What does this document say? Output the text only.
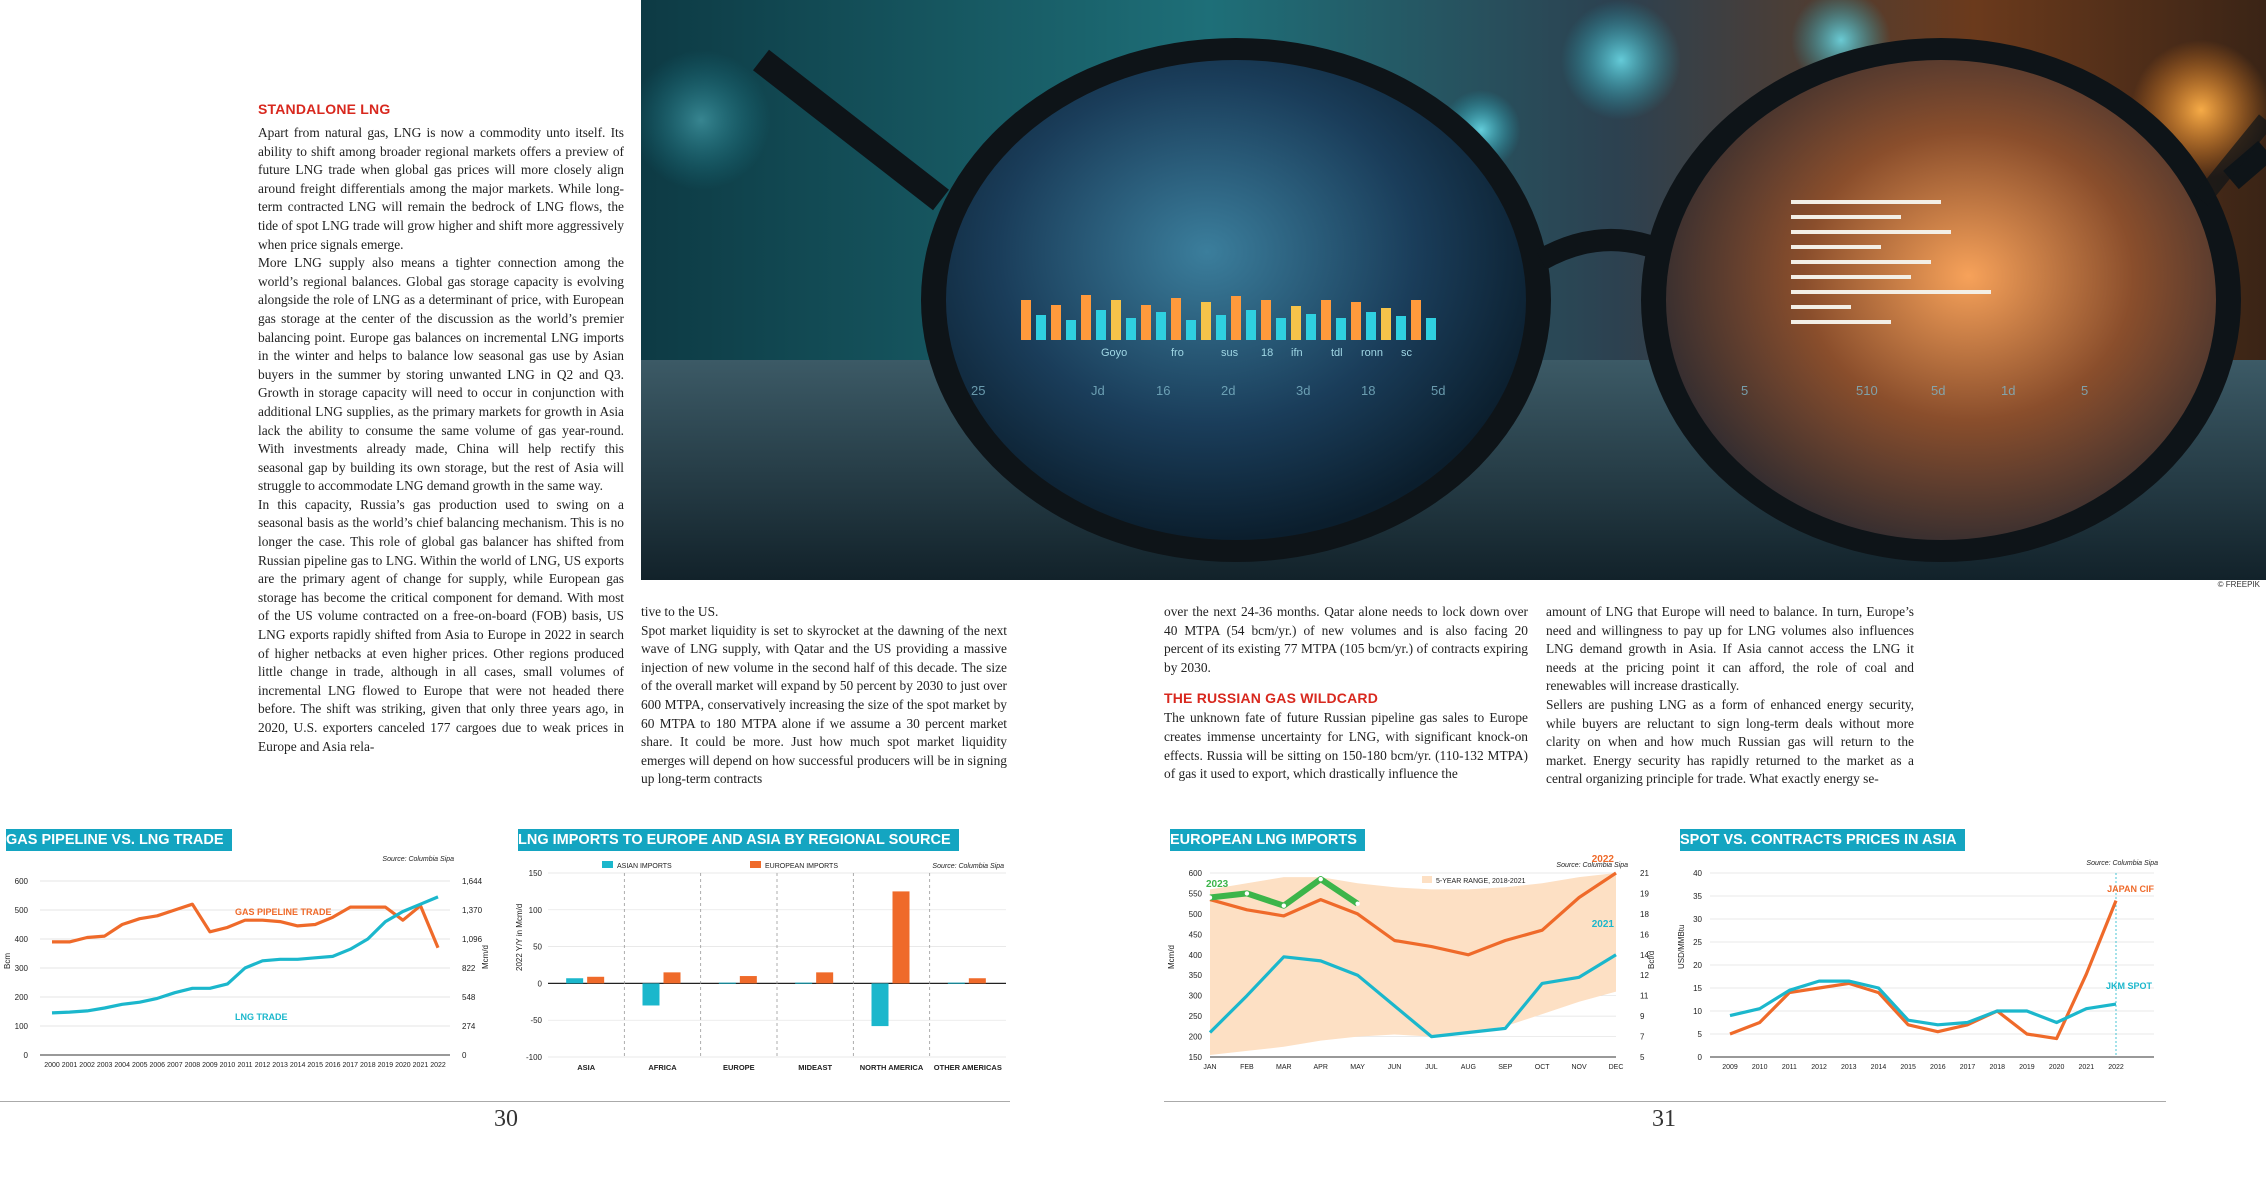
STANDALONE LNG

Apart from natural gas, LNG is now a commodity unto itself. Its ability to shift among broader regional markets offers a preview of future LNG trade when global gas prices will more closely align around freight differentials among the major markets. While long-term contracted LNG will remain the bedrock of LNG flows, the tide of spot LNG trade will grow higher and shift more aggressively when price signals emerge.

More LNG supply also means a tighter connection among the world’s regional balances. Global gas storage capacity is evolving alongside the role of LNG as a determinant of price, with European gas storage at the center of the discussion as the world’s premier balancing point. Europe gas balances on incremental LNG imports in the winter and helps to balance low seasonal gas use by Asian buyers in the summer by storing unwanted LNG in Q2 and Q3. Growth in storage capacity will need to occur in conjunction with additional LNG supplies, as the primary markets for growth in Asia lack the ability to consume the same volume of gas year-round. With investments already made, China will help rectify this seasonal gap by building its own storage, but the rest of Asia will struggle to accommodate LNG demand growth in the same way.

In this capacity, Russia’s gas production used to swing on a seasonal basis as the world’s chief balancing mechanism. This is no longer the case. This role of global gas balancer has shifted from Russian pipeline gas to LNG. Within the world of LNG, US exports are the primary agent of change for supply, while European gas storage has become the critical component for demand. With most of the US volume contracted on a free-on-board (FOB) basis, US LNG exports rapidly shifted from Asia to Europe in 2022 in search of higher netbacks at even higher prices. Other regions produced little change in trade, although in all cases, small volumes of incremental LNG flowed to Europe that were not headed there before. The shift was striking, given that only three years ago, in 2020, U.S. exporters canceled 177 cargoes due to weak prices in Europe and Asia rela-

tive to the US.

Spot market liquidity is set to skyrocket at the dawning of the next wave of LNG supply, with Qatar and the US providing a massive injection of new volume in the second half of this decade. The size of the overall market will expand by 50 percent by 2030 to just over 600 MTPA, conservatively increasing the size of the spot market by 60 MTPA to 180 MTPA alone if we assume a 30 percent market share. It could be more. Just how much spot market liquidity emerges will depend on how successful producers will be in signing up long-term contracts

over the next 24-36 months. Qatar alone needs to lock down over 40 MTPA (54 bcm/yr.) of new volumes and is also facing 20 percent of its existing 77 MTPA (105 bcm/yr.) of contracts expiring by 2030.

THE RUSSIAN GAS WILDCARD

The unknown fate of future Russian pipeline gas sales to Europe creates immense uncertainty for LNG, with significant knock-on effects. Russia will be sitting on 150-180 bcm/yr. (110-132 MTPA) of gas it used to export, which drastically influence the

amount of LNG that Europe will need to balance. In turn, Europe’s need and willingness to pay up for LNG volumes also influences LNG demand growth in Asia. If Asia cannot access the LNG it needs at the pricing point it can afford, the role of coal and renewables will increase drastically.

Sellers are pushing LNG as a form of enhanced energy security, while buyers are reluctant to sign long-term deals without more clarity on when and how much Russian gas will return to the market. Energy security has rapidly returned to the market as a central organizing principle for trade. What exactly energy se-

Goyo	fro	sus 18 ifn	tdl ronn sc
25	Jd	16	2d	3d	18	5d	5	510	5d	1d	5
© FREEPIK
GAS PIPELINE VS. LNG TRADE
Source: Columbia Sipa
600
500
400
300
200
100
0
1,644
1,370
1,096
822
548
274
0
2000 2001 2002 2003 2004 2005 2006 2007 2008 2009 2010 2011 2012 2013 2014 2015 2016 2017 2018 2019 2020 2021 2022
Bcm	Mcm/d
GAS PIPELINE TRADE
LNG TRADE
LNG IMPORTS TO EUROPE AND ASIA BY REGIONAL SOURCE
Source: Columbia Sipa
150
100
50
0
-50
-100
2022 Y/Y in Mcm/d
ASIA	AFRICA	EUROPE	MIDEAST	NORTH AMERICA OTHER AMERICAS
ASIAN IMPORTS	EUROPEAN IMPORTS
EUROPEAN LNG IMPORTS
Source: Columbia Sipa
600
550
500
450
400
350
300
250
200
150
21
19
18
16
14
12
11
9
7
5
JAN	FEB	MAR	APR	MAY	JUN	JUL	AUG	SEP	OCT	NOV	DEC
Mcm/d	Bcf/d
5-YEAR RANGE, 2018-2021
2022
2021
2023
SPOT VS. CONTRACTS PRICES IN ASIA
Source: Columbia Sipa
40
35
30
25
20
15
10
5
0
2009 2010 2011 2012 2013 2014 2015 2016 2017 2018 2019 2020 2021 2022
USD/MMBtu
JAPAN CIF
JKM SPOT
30	31
